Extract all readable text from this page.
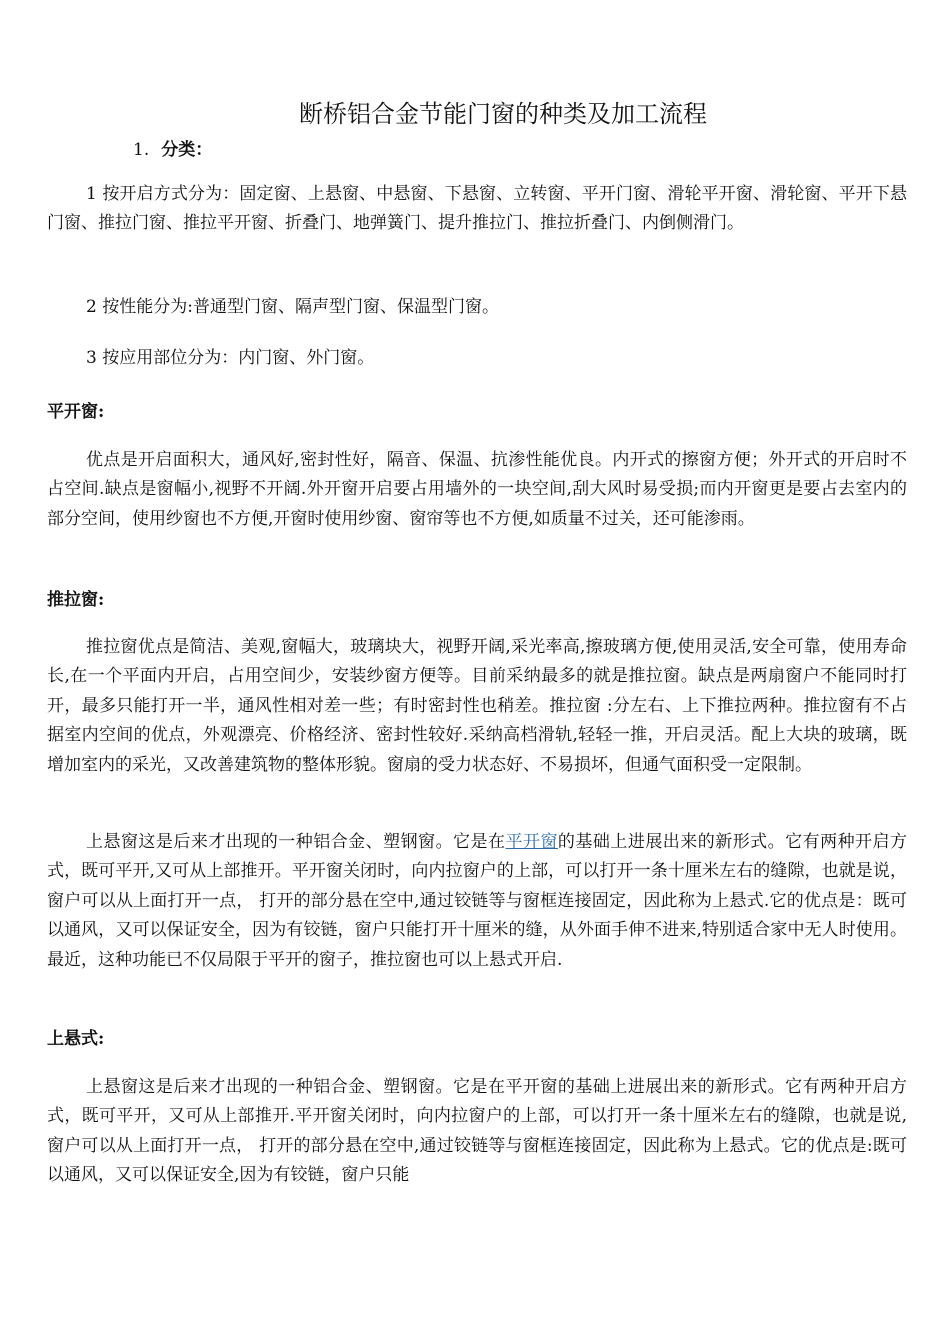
断桥铝合金节能门窗的种类及加工流程
1. 分类：

1 按开启方式分为：固定窗、上悬窗、中悬窗、下悬窗、立转窗、平开门窗、滑轮平开窗、滑轮窗、平开下悬门窗、推拉门窗、推拉平开窗、折叠门、地弹簧门、提升推拉门、推拉折叠门、内倒侧滑门。

2 按性能分为:普通型门窗、隔声型门窗、保温型门窗。

3 按应用部位分为：内门窗、外门窗。

平开窗:

优点是开启面积大，通风好,密封性好，隔音、保温、抗渗性能优良。内开式的擦窗方便；外开式的开启时不占空间.缺点是窗幅小,视野不开阔.外开窗开启要占用墙外的一块空间,刮大风时易受损;而内开窗更是要占去室内的部分空间，使用纱窗也不方便,开窗时使用纱窗、窗帘等也不方便,如质量不过关，还可能渗雨。

推拉窗:

推拉窗优点是简洁、美观,窗幅大，玻璃块大，视野开阔,采光率高,擦玻璃方便,使用灵活,安全可靠，使用寿命长,在一个平面内开启，占用空间少，安装纱窗方便等。目前采纳最多的就是推拉窗。缺点是两扇窗户不能同时打开，最多只能打开一半，通风性相对差一些；有时密封性也稍差。推拉窗 :分左右、上下推拉两种。推拉窗有不占据室内空间的优点，外观漂亮、价格经济、密封性较好.采纳高档滑轨,轻轻一推，开启灵活。配上大块的玻璃，既增加室内的采光，又改善建筑物的整体形貌。窗扇的受力状态好、不易损坏，但通气面积受一定限制。

上悬窗这是后来才出现的一种铝合金、塑钢窗。它是在平开窗的基础上进展出来的新形式。它有两种开启方式，既可平开,又可从上部推开。平开窗关闭时，向内拉窗户的上部，可以打开一条十厘米左右的缝隙，也就是说，窗户可以从上面打开一点， 打开的部分悬在空中,通过铰链等与窗框连接固定，因此称为上悬式.它的优点是：既可以通风，又可以保证安全，因为有铰链，窗户只能打开十厘米的缝，从外面手伸不进来,特别适合家中无人时使用。最近，这种功能已不仅局限于平开的窗子，推拉窗也可以上悬式开启.

上悬式:

上悬窗这是后来才出现的一种铝合金、塑钢窗。它是在平开窗的基础上进展出来的新形式。它有两种开启方式，既可平开，又可从上部推开.平开窗关闭时，向内拉窗户的上部，可以打开一条十厘米左右的缝隙，也就是说,窗户可以从上面打开一点， 打开的部分悬在空中,通过铰链等与窗框连接固定，因此称为上悬式。它的优点是:既可以通风，又可以保证安全,因为有铰链，窗户只能
